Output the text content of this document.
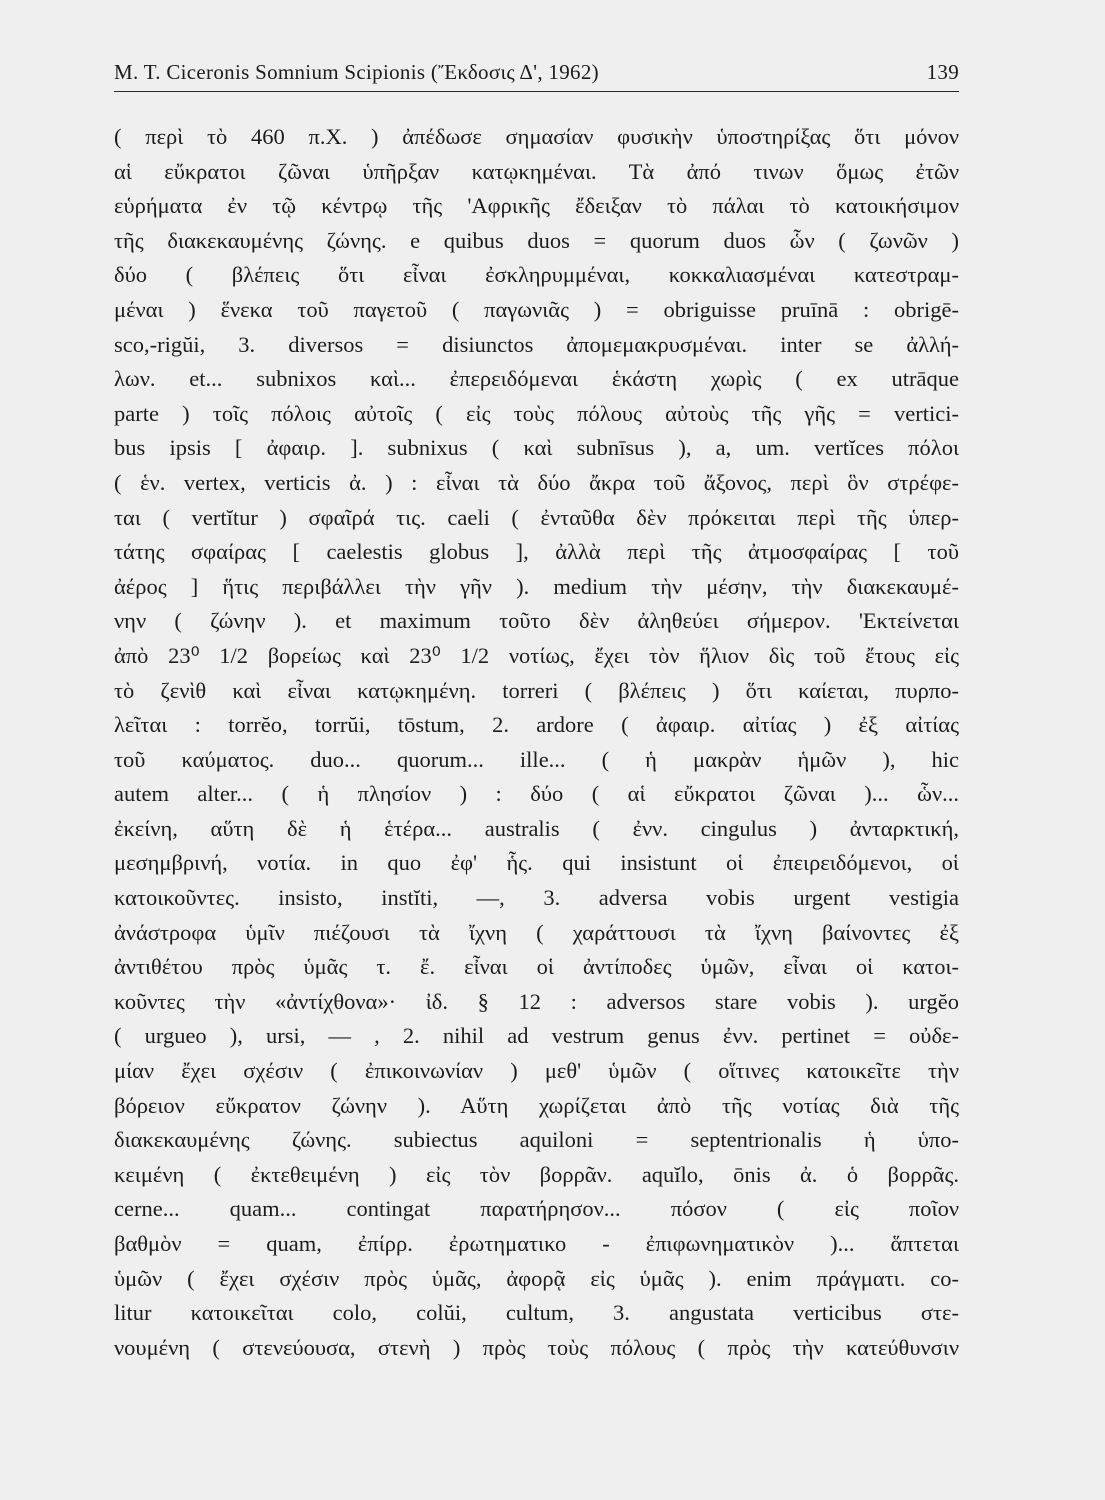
M. T. Ciceronis Somnium Scipionis (Ἔκδοσις Δ', 1962)	139
( περὶ τὸ 460 π.Χ. ) ἀπέδωσε σημασίαν φυσικὴν ὑποστηρίξας ὅτι μόνον
αἱ εὔκρατοι ζῶναι ὑπῆρξαν κατῳκημέναι. Τὰ ἀπό τινων ὅμως ἐτῶν
εὑρήματα ἐν τῷ κέντρῳ τῆς 'Αφρικῆς ἔδειξαν τὸ πάλαι τὸ κατοικήσιμον
τῆς διακεκαυμένης ζώνης. e quibus duos = quorum duos ὧν ( ζωνῶν )
δύο ( βλέπεις ὅτι εἶναι ἐσκληρυμμέναι, κοκκαλιασμέναι κατεστραμ-
μέναι ) ἕνεκα τοῦ παγετοῦ ( παγωνιᾶς ) = obriguisse pruīnā : obrigē-
sco,-rigŭi, 3. diversos = disiunctos ἀπομεμακρυσμέναι. inter se ἀλλή-
λων. et... subnixos καὶ... ἐπερειδόμεναι ἑκάστη χωρὶς ( ex utrāque
parte ) τοῖς πόλοις αὐτοῖς ( εἰς τοὺς πόλους αὐτοὺς τῆς γῆς = vertici-
bus ipsis [ ἀφαιρ. ]. subnixus ( καὶ subnīsus ), a, um. vertĭces πόλοι
( ἑν. vertex, verticis ἀ. ) : εἶναι τὰ δύο ἄκρα τοῦ ἄξονος, περὶ ὃν στρέφε-
ται ( vertĭtur ) σφαῖρά τις. caeli ( ἐνταῦθα δὲν πρόκειται περὶ τῆς ὑπερ-
τάτης σφαίρας [ caelestis globus ], ἀλλὰ περὶ τῆς ἀτμοσφαίρας [ τοῦ
ἀέρος ] ἥτις περιβάλλει τὴν γῆν ). medium τὴν μέσην, τὴν διακεκαυμέ-
νην ( ζώνην ). et maximum τοῦτο δὲν ἀληθεύει σήμερον. 'Εκτείνεται
ἀπὸ 23⁰ 1/2 βορείως καὶ 23⁰ 1/2 νοτίως, ἔχει τὸν ἥλιον δὶς τοῦ ἔτους εἰς
τὸ ζενὶθ καὶ εἶναι κατῳκημένη. torreri ( βλέπεις ) ὅτι καίεται, πυρπο-
λεῖται : torrĕo, torrŭi, tōstum, 2. ardore ( ἀφαιρ. αἰτίας ) ἐξ αἰτίας
τοῦ καύματος. duo... quorum... ille... ( ἡ μακρὰν ἡμῶν ), hic
autem alter... ( ἡ πλησίον ) : δύο ( αἱ εὔκρατοι ζῶναι )... ὧν...
ἐκείνη, αὕτη δὲ ἡ ἑτέρα... australis ( ἐνν. cingulus ) ἀνταρκτική,
μεσημβρινή, νοτία. in quo ἐφ' ἧς. qui insistunt οἱ ἐπειρειδόμενοι, οἱ
κατοικοῦντες. insisto, instĭti, —, 3. adversa vobis urgent vestigia
ἀνάστροφα ὑμῖν πιέζουσι τὰ ἴχνη ( χαράττουσι τὰ ἴχνη βαίνοντες ἐξ
ἀντιθέτου πρὸς ὑμᾶς τ. ἔ. εἶναι οἱ ἀντίποδες ὑμῶν, εἶναι οἱ κατοι-
κοῦντες τὴν «ἀντίχθονα»· ἰδ. § 12 : adversos stare vobis ). urgĕo
( urgueo ), ursi, — , 2. nihil ad vestrum genus ἐνν. pertinet = οὐδε-
μίαν ἔχει σχέσιν ( ἐπικοινωνίαν ) μεθ' ὑμῶν ( οἵτινες κατοικεῖτε τὴν
βόρειον εὔκρατον ζώνην ). Αὕτη χωρίζεται ἀπὸ τῆς νοτίας διὰ τῆς
διακεκαυμένης ζώνης. subiectus aquiloni = septentrionalis ἡ ὑπο-
κειμένη ( ἐκτεθειμένη ) εἰς τὸν βορρᾶν. aquĭlo, ōnis ἀ. ὁ βορρᾶς.
cerne... quam... contingat παρατήρησον... πόσον ( εἰς ποῖον
βαθμὸν = quam, ἐπίρρ. ἐρωτηματικο - ἐπιφωνηματικὸν )... ἅπτεται
ὑμῶν ( ἔχει σχέσιν πρὸς ὑμᾶς, ἀφορᾷ εἰς ὑμᾶς ). enim πράγματι. co-
litur κατοικεῖται colo, colŭi, cultum, 3. angustata verticibus στε-
νουμένη ( στενεύουσα, στενὴ ) πρὸς τοὺς πόλους ( πρὸς τὴν κατεύθυνσιν
